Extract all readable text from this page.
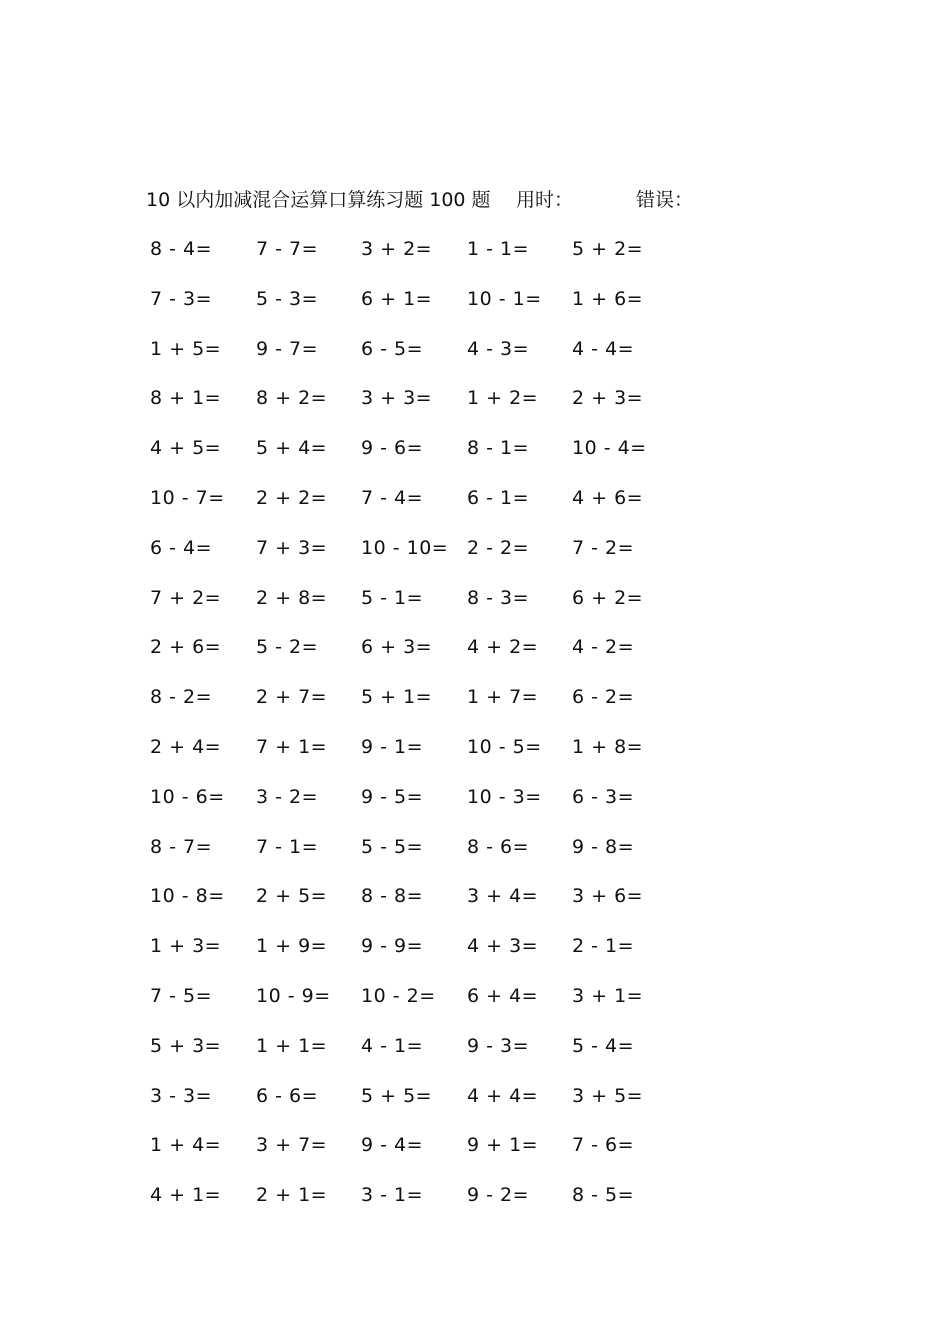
10 以内加减混合运算口算练习题 100 题 用时：	错误：
8 - 4= 7 - 7= 3 + 2= 1 - 1= 5 + 2=
7 - 3= 5 - 3= 6 + 1= 10 - 1= 1 + 6=
1 + 5= 9 - 7= 6 - 5= 4 - 3= 4 - 4=
8 + 1= 8 + 2= 3 + 3= 1 + 2= 2 + 3=
4 + 5= 5 + 4= 9 - 6= 8 - 1= 10 - 4=
10 - 7= 2 + 2= 7 - 4= 6 - 1= 4 + 6=
6 - 4= 7 + 3= 10 - 10= 2 - 2= 7 - 2=
7 + 2= 2 + 8= 5 - 1= 8 - 3= 6 + 2=
2 + 6= 5 - 2= 6 + 3= 4 + 2= 4 - 2=
8 - 2= 2 + 7= 5 + 1= 1 + 7= 6 - 2=
2 + 4= 7 + 1= 9 - 1= 10 - 5= 1 + 8=
10 - 6= 3 - 2= 9 - 5= 10 - 3= 6 - 3=
8 - 7= 7 - 1= 5 - 5= 8 - 6= 9 - 8=
10 - 8= 2 + 5= 8 - 8= 3 + 4= 3 + 6=
1 + 3= 1 + 9= 9 - 9= 4 + 3= 2 - 1=
7 - 5= 10 - 9= 10 - 2= 6 + 4= 3 + 1=
5 + 3= 1 + 1= 4 - 1= 9 - 3= 5 - 4=
3 - 3= 6 - 6= 5 + 5= 4 + 4= 3 + 5=
1 + 4= 3 + 7= 9 - 4= 9 + 1= 7 - 6=
4 + 1= 2 + 1= 3 - 1= 9 - 2= 8 - 5=
